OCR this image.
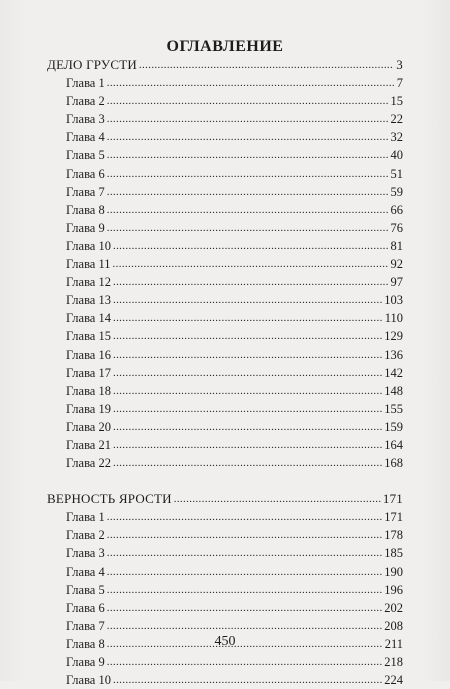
ОГЛАВЛЕНИЕ
ДЕЛО ГРУСТИ . . .	3
Глава 1 . . .	7
Глава 2 . . .	15
Глава 3 . . .	22
Глава 4 . . .	32
Глава 5 . . .	40
Глава 6 . . .	51
Глава 7 . . .	59
Глава 8 . . .	66
Глава 9 . . .	76
Глава 10 . . .	81
Глава 11 . . .	92
Глава 12 . . .	97
Глава 13 . . .	103
Глава 14 . . .	110
Глава 15 . . .	129
Глава 16 . . .	136
Глава 17 . . .	142
Глава 18 . . .	148
Глава 19 . . .	155
Глава 20 . . .	159
Глава 21 . . .	164
Глава 22 . . .	168
ВЕРНОСТЬ ЯРОСТИ . . .	171
Глава 1 . . .	171
Глава 2 . . .	178
Глава 3 . . .	185
Глава 4 . . .	190
Глава 5 . . .	196
Глава 6 . . .	202
Глава 7 . . .	208
Глава 8 . . .	211
Глава 9 . . .	218
Глава 10 . . .	224
450
